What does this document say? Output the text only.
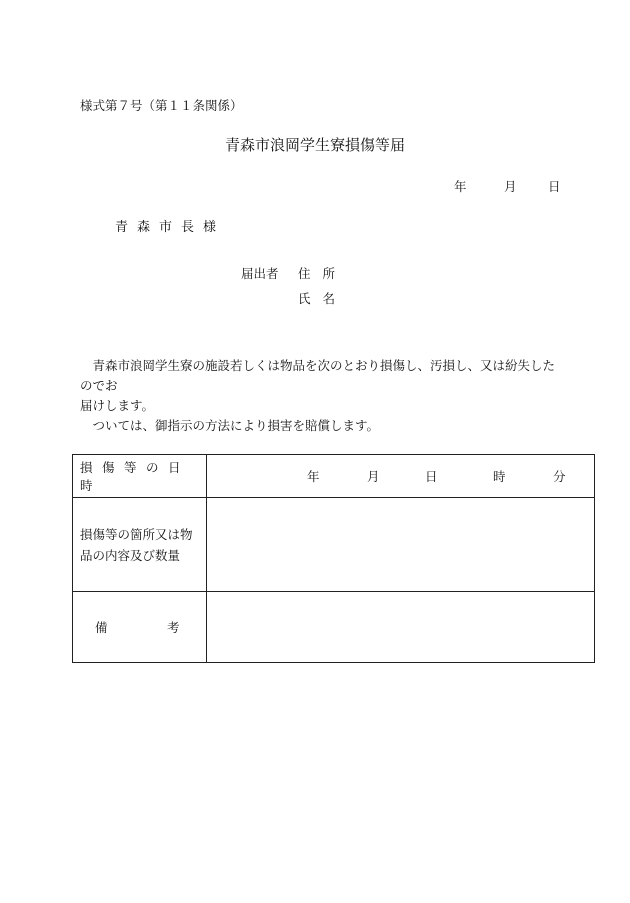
様式第７号（第１１条関係）
青森市浪岡学生寮損傷等届
年	月	日
青森市長様
届出者 住所
氏名

青森市浪岡学生寮の施設若しくは物品を次のとおり損傷し、汚損し、又は紛失したのでお

届けします。

ついては、御指示の方法により損害を賠償します。

損傷等の日時	年 月 日 時 分

損傷等の箇所又は物品の内容及び数量	

備 考	
